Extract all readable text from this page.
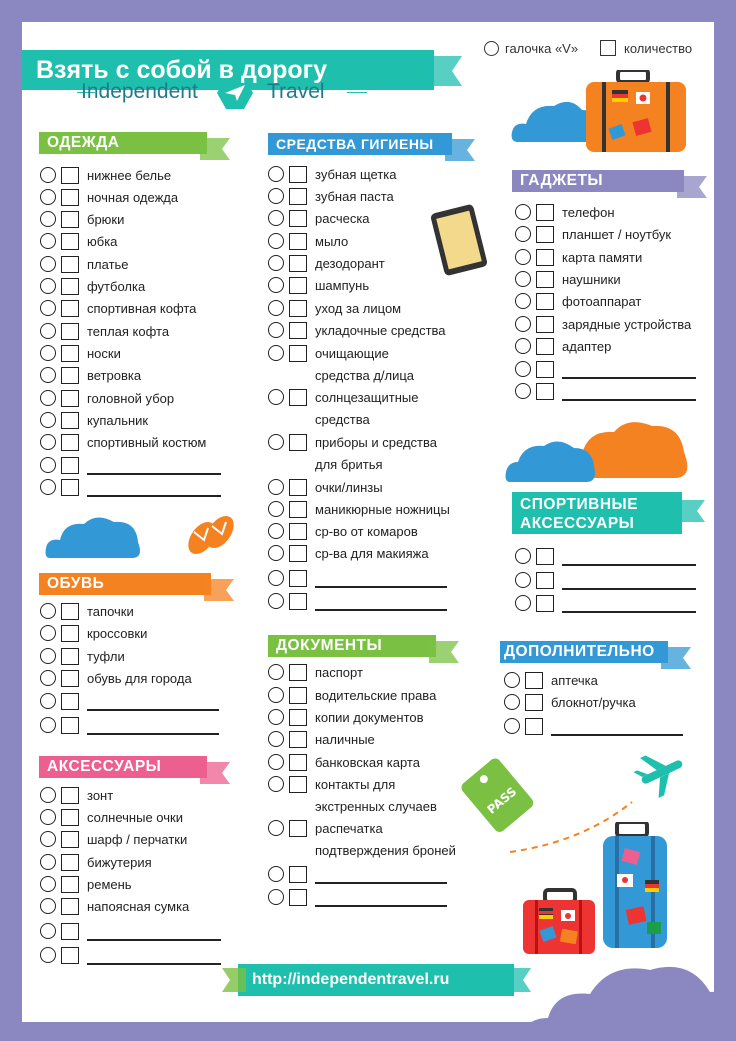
Взять с собой в дорогу
галочка «V»	количество
Independent	Travel
ОДЕЖДА
нижнее белье
ночная одежда
брюки
юбка
платье
футболка
спортивная кофта
теплая кофта
носки
ветровка
головной убор
купальник
спортивный костюм
ОБУВЬ
тапочки
кроссовки
туфли
обувь для города
АКСЕССУАРЫ
зонт
солнечные очки
шарф / перчатки
бижутерия
ремень
напоясная сумка
СРЕДСТВА ГИГИЕНЫ
зубная щетка
зубная паста
расческа
мыло
дезодорант
шампунь
уход за лицом
укладочные средства
очищающие
средства д/лица
солнцезащитные
средства
приборы и средства
для бритья
очки/линзы
маникюрные ножницы
ср-во от комаров
ср-ва для макияжа
ДОКУМЕНТЫ
паспорт
водительские права
копии документов
наличные
банковская карта
контакты для
экстренных случаев
распечатка
подтверждения броней
ГАДЖЕТЫ
телефон
планшет / ноутбук
карта памяти
наушники
фотоаппарат
зарядные устройства
адаптер
СПОРТИВНЫЕ
АКСЕССУАРЫ
ДОПОЛНИТЕЛЬНО
аптечка
блокнот/ручка
PASS
http://independentravel.ru
